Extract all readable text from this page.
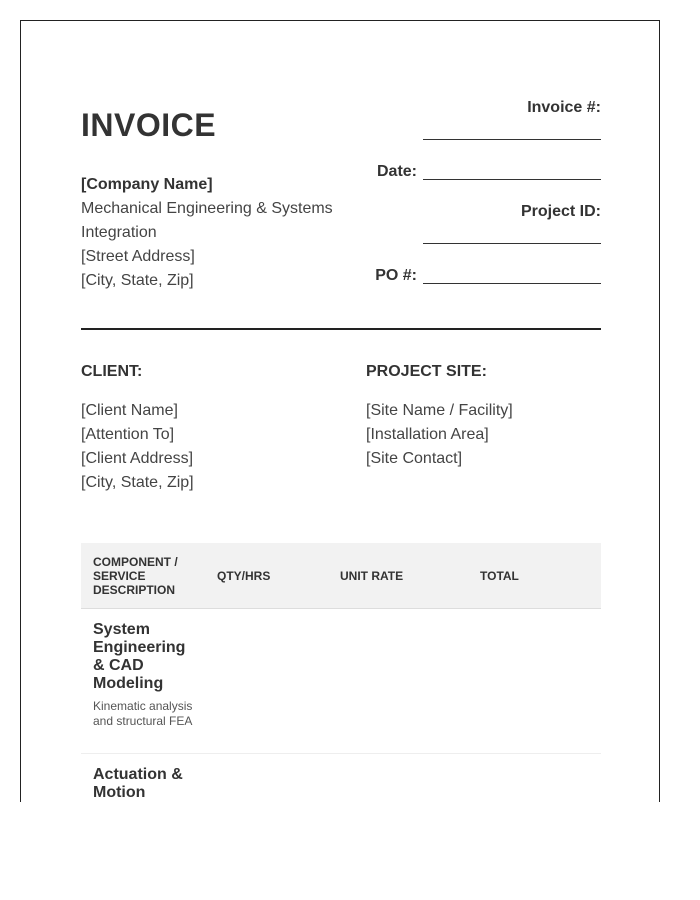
INVOICE
[Company Name]
Mechanical Engineering & Systems Integration
[Street Address]
[City, State, Zip]
Invoice #:
Date:
Project ID:
PO #:
CLIENT:
[Client Name]
[Attention To]
[Client Address]
[City, State, Zip]
PROJECT SITE:
[Site Name / Facility]
[Installation Area]
[Site Contact]
COMPONENT / SERVICE DESCRIPTION	QTY/HRS	UNIT RATE	TOTAL

System Engineering & CAD Modeling
Kinematic analysis and structural FEA			

Actuation & Motion			
